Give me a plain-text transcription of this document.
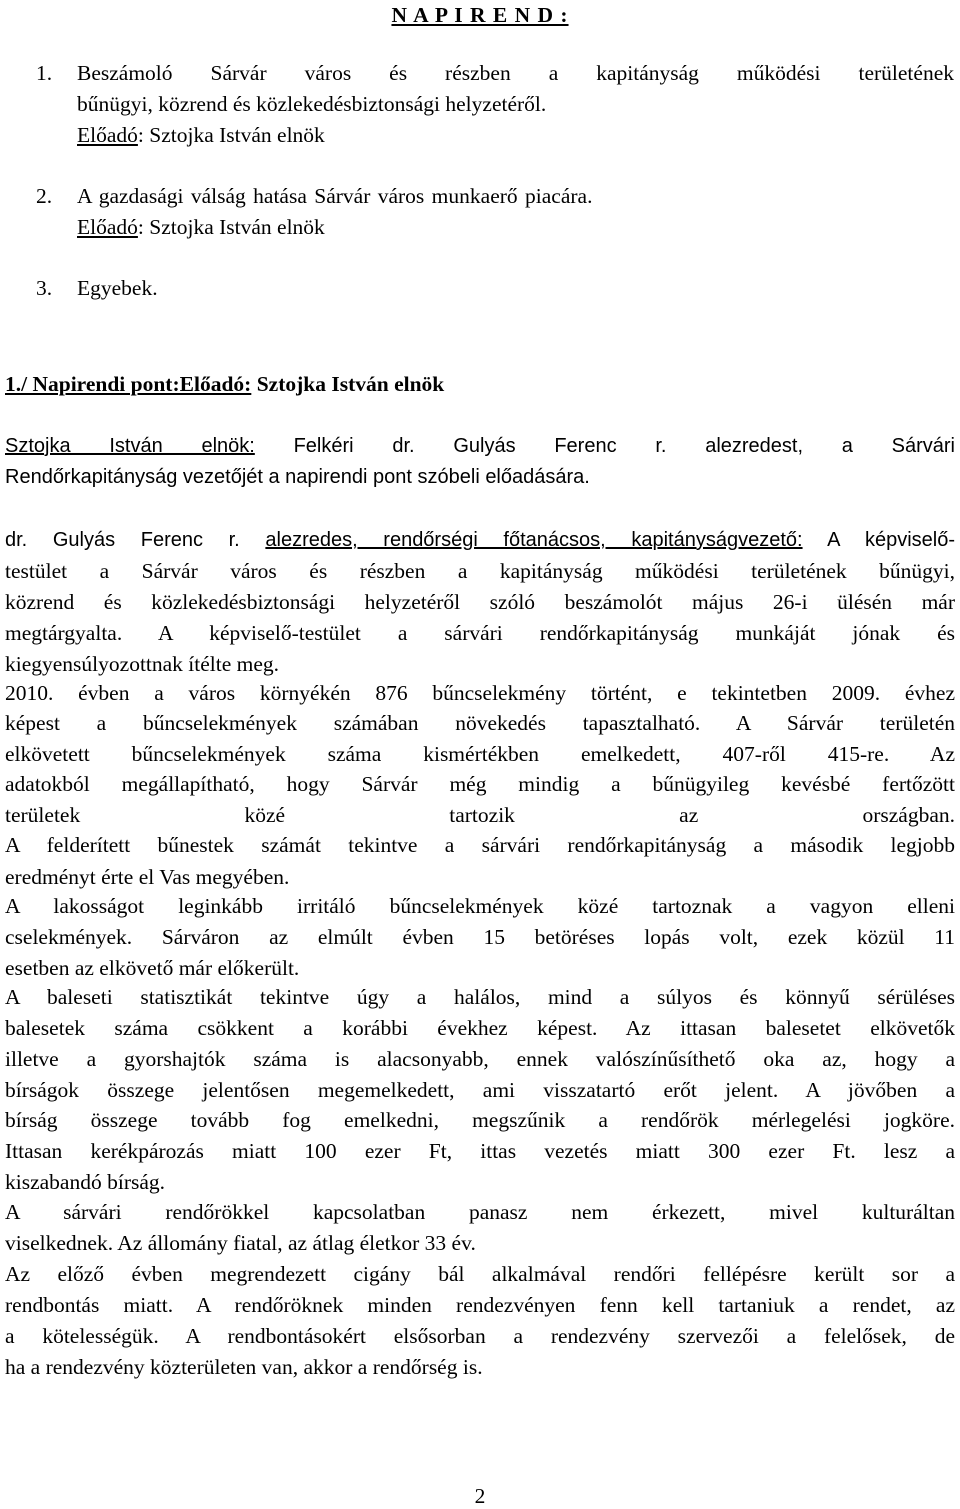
N A P I R E N D :
1. Beszámoló Sárvár város és részben a kapitányság működési területének
bűnügyi, közrend és közlekedésbiztonsági helyzetéről.
Előadó: Sztojka István elnök
2. A gazdasági válság hatása Sárvár város munkaerő piacára.
Előadó: Sztojka István elnök
3. Egyebek.
1./ Napirendi pont:Előadó: Sztojka István elnök
Sztojka István elnök: Felkéri dr. Gulyás Ferenc r. alezredest, a Sárvári
Rendőrkapitányság vezetőjét a napirendi pont szóbeli előadására.
dr. Gulyás Ferenc r. alezredes, rendőrségi főtanácsos, kapitányságvezető: A képviselő-
testület a Sárvár város és részben a kapitányság működési területének bűnügyi,
közrend és közlekedésbiztonsági helyzetéről szóló beszámolót május 26-i ülésén már
megtárgyalta. A képviselő-testület a sárvári rendőrkapitányság munkáját jónak és
kiegyensúlyozottnak ítélte meg.
2010. évben a város környékén 876 bűncselekmény történt, e tekintetben 2009. évhez
képest a bűncselekmények számában növekedés tapasztalható. A Sárvár területén
elkövetett bűncselekmények száma kismértékben emelkedett, 407-ről 415-re. Az
adatokból megállapítható, hogy Sárvár még mindig a bűnügyileg kevésbé fertőzött
területek közé tartozik az országban.
A felderített bűnestek számát tekintve a sárvári rendőrkapitányság a második legjobb
eredményt érte el Vas megyében.
A lakosságot leginkább irritáló bűncselekmények közé tartoznak a vagyon elleni
cselekmények. Sárváron az elmúlt évben 15 betöréses lopás volt, ezek közül 11
esetben az elkövető már előkerült.
A baleseti statisztikát tekintve úgy a halálos, mind a súlyos és könnyű sérüléses
balesetek száma csökkent a korábbi évekhez képest. Az ittasan balesetet elkövetők
illetve a gyorshajtók száma is alacsonyabb, ennek valószínűsíthető oka az, hogy a
bírságok összege jelentősen megemelkedett, ami visszatartó erőt jelent. A jövőben a
bírság összege tovább fog emelkedni, megszűnik a rendőrök mérlegelési jogköre.
Ittasan kerékpározás miatt 100 ezer Ft, ittas vezetés miatt 300 ezer Ft. lesz a
kiszabandó bírság.
A sárvári rendőrökkel kapcsolatban panasz nem érkezett, mivel kulturáltan
viselkednek. Az állomány fiatal, az átlag életkor 33 év.
Az előző évben megrendezett cigány bál alkalmával rendőri fellépésre került sor a
rendbontás miatt. A rendőröknek minden rendezvényen fenn kell tartaniuk a rendet, az
a kötelességük. A rendbontásokért elsősorban a rendezvény szervezői a felelősek, de
ha a rendezvény közterületen van, akkor a rendőrség is.
2
